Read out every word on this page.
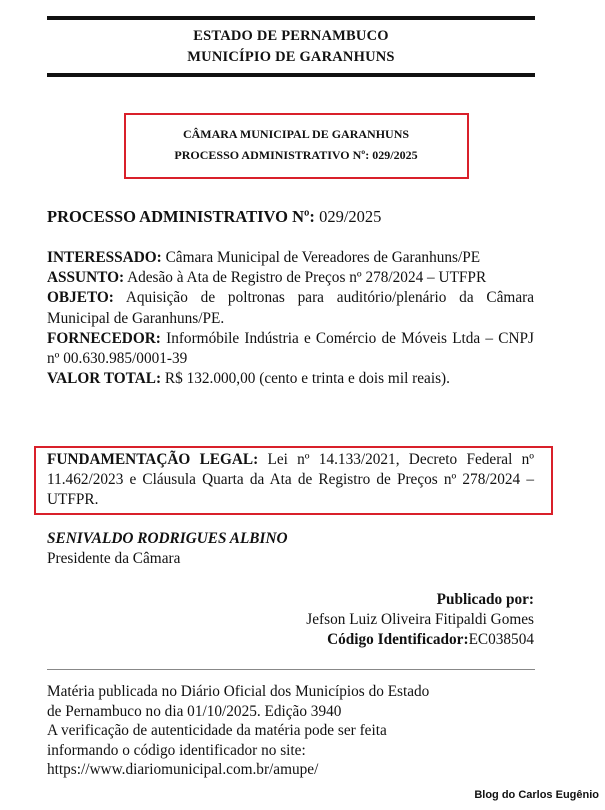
ESTADO DE PERNAMBUCO
MUNICÍPIO DE GARANHUNS
CÂMARA MUNICIPAL DE GARANHUNS
PROCESSO ADMINISTRATIVO Nº: 029/2025
PROCESSO ADMINISTRATIVO Nº: 029/2025

INTERESSADO: Câmara Municipal de Vereadores de Garanhuns/PE

ASSUNTO: Adesão à Ata de Registro de Preços nº 278/2024 – UTFPR

OBJETO: Aquisição de poltronas para auditório/plenário da Câmara Municipal de Garanhuns/PE.

FORNECEDOR: Informóbile Indústria e Comércio de Móveis Ltda – CNPJ nº 00.630.985/0001-39

VALOR TOTAL: R$ 132.000,00 (cento e trinta e dois mil reais).

FUNDAMENTAÇÃO LEGAL: Lei nº 14.133/2021, Decreto Federal nº 11.462/2023 e Cláusula Quarta da Ata de Registro de Preços nº 278/2024 – UTFPR.

SENIVALDO RODRIGUES ALBINO
Presidente da Câmara
Publicado por:
Jefson Luiz Oliveira Fitipaldi Gomes
Código Identificador:EC038504
Matéria publicada no Diário Oficial dos Municípios do Estado
de Pernambuco no dia 01/10/2025. Edição 3940
A verificação de autenticidade da matéria pode ser feita
informando o código identificador no site:
https://www.diariomunicipal.com.br/amupe/
Blog do Carlos Eugênio
